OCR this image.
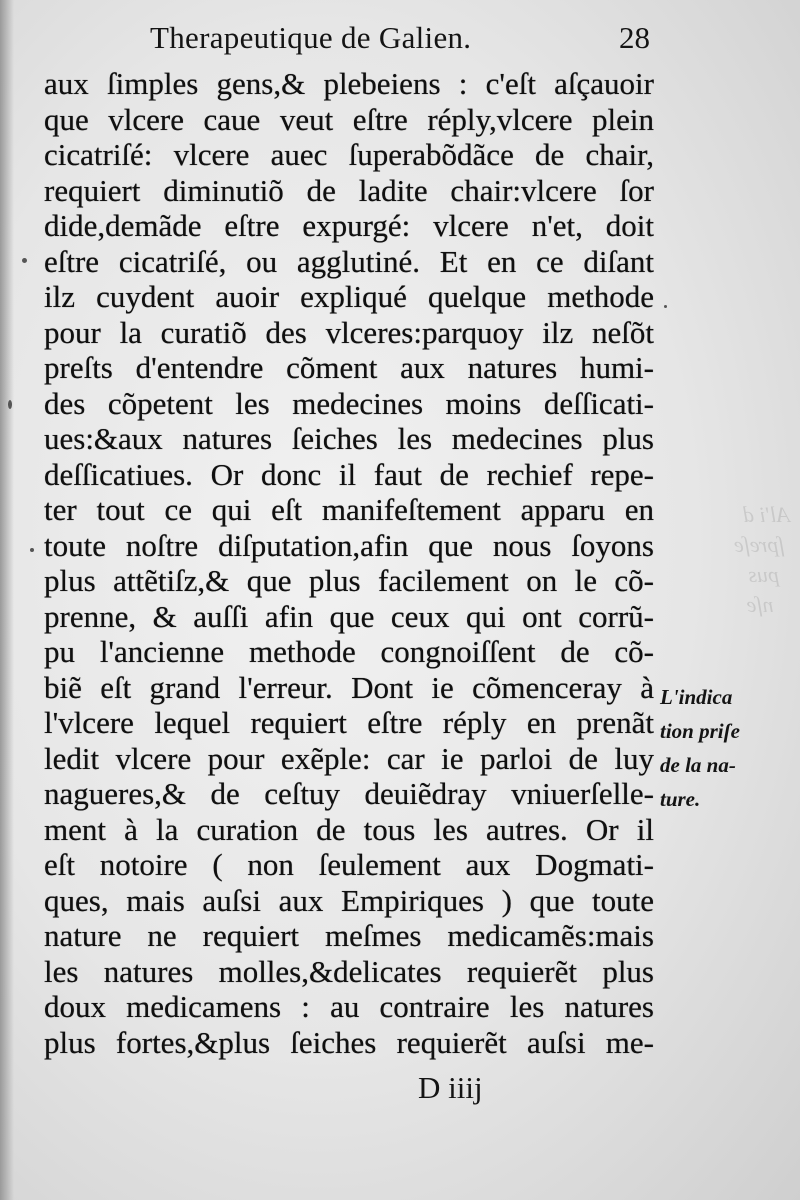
Al'i d
ſpreſe
pus
nſe

Therapeutique de Galien.	28
aux ſimples gens,& plebeiens : c'eſt aſçauoir
que vlcere caue veut eſtre réply,vlcere plein
cicatriſé: vlcere auec ſuperabõdãce de chair,
requiert diminutiõ de ladite chair:vlcere ſor
dide,demãde eſtre expurgé: vlcere n'et, doit
eſtre cicatriſé, ou agglutiné. Et en ce diſant
ilz cuydent auoir expliqué quelque methode
pour la curatiõ des vlceres:parquoy ilz neſõt
preſts d'entendre cõment aux natures humi-
des cõpetent les medecines moins deſſicati-
ues:&aux natures ſeiches les medecines plus
deſſicatiues. Or donc il faut de rechief repe-
ter tout ce qui eſt manifeſtement apparu en
toute noſtre diſputation,afin que nous ſoyons
plus attẽtiſz,& que plus facilement on le cõ-
prenne, & auſſi afin que ceux qui ont corrũ-
pu l'ancienne methode congnoiſſent de cõ-
biẽ eſt grand l'erreur. Dont ie cõmenceray à
l'vlcere lequel requiert eſtre réply en prenãt
ledit vlcere pour exẽple: car ie parloi de luy
nagueres,& de ceſtuy deuiẽdray vniuerſelle-
ment à la curation de tous les autres. Or il
eſt notoire ( non ſeulement aux Dogmati-
ques, mais auſsi aux Empiriques ) que toute
nature ne requiert meſmes medicamẽs:mais
les natures molles,&delicates requierẽt plus
doux medicamens : au contraire les natures
plus fortes,&plus ſeiches requierẽt auſsi me-
L'indica
tion priſe
de la na-
ture.
D iiij
